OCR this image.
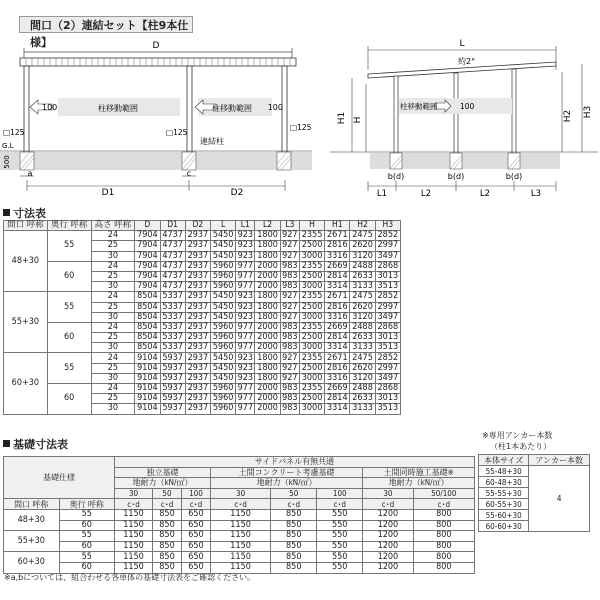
間口（2）連結セット【柱9本仕様】	D
100	柱移動範囲	100
柱移動範囲
□125	□125
□125
連結柱
G.L
500
a	c
D1	D2
L
約2°
柱移動範囲	100
H1 H	H2 H3
b(d)	b(d)	b(d)
L1	L2	L2	L3
寸法表
間口 呼称	奥行 呼称	高さ 呼称	D	D1	D2	L	L1	L2	L3	H	H1	H2	H3
48+30	55	24	7904	4737	2937	5450	923	1800	927	2355	2671	2475	2852
		25	7904	4737	2937	5450	923	1800	927	2500	2816	2620	2997
		30	7904	4737	2937	5450	923	1800	927	3000	3316	3120	3497
	60	24	7904	4737	2937	5960	977	2000	983	2355	2669	2488	2868
		25	7904	4737	2937	5960	977	2000	983	2500	2814	2633	3013
		30	7904	4737	2937	5960	977	2000	983	3000	3314	3133	3513
55+30	55	24	8504	5337	2937	5450	923	1800	927	2355	2671	2475	2852
		25	8504	5337	2937	5450	923	1800	927	2500	2816	2620	2997
		30	8504	5337	2937	5450	923	1800	927	3000	3316	3120	3497
	60	24	8504	5337	2937	5960	977	2000	983	2355	2669	2488	2868
		25	8504	5337	2937	5960	977	2000	983	2500	2814	2633	3013
		30	8504	5337	2937	5960	977	2000	983	3000	3314	3133	3513
60+30	55	24	9104	5937	2937	5450	923	1800	927	2355	2671	2475	2852
		25	9104	5937	2937	5450	923	1800	927	2500	2816	2620	2997
		30	9104	5937	2937	5450	923	1800	927	3000	3316	3120	3497
	60	24	9104	5937	2937	5960	977	2000	983	2355	2669	2488	2868
		25	9104	5937	2937	5960	977	2000	983	2500	2814	2633	3013
		30	9104	5937	2937	5960	977	2000	983	3000	3314	3133	3513
基礎寸法表
※専用アンカー本数
（柱1本あたり）
基礎仕様		サイドパネル有無共通							
		独立基礎			土間コンクリート考慮基礎			土間同時施工基礎※	
		地耐力（kN/㎡）			地耐力（kN/㎡）			地耐力（kN/㎡）	
		30	50	100	30	50	100	30	50/100
間口 呼称	奥行 呼称	c･d	c･d	c･d	c･d	c･d	c･d	c･d	c･d
48+30	55	1150	850	650	1150	850	550	1200	800
	60	1150	850	650	1150	850	550	1200	800
55+30	55	1150	850	650	1150	850	550	1200	800
	60	1150	850	650	1150	850	550	1200	800
60+30	55	1150	850	650	1150	850	550	1200	800
	60	1150	850	650	1150	850	550	1200	800
本体サイズ	アンカー本数
55-48+30	4
60-48+30	
55-55+30	
60-55+30	
55-60+30	
60-60+30	
※a,bについては、組合わせる各単体の基礎寸法表をご確認ください。
